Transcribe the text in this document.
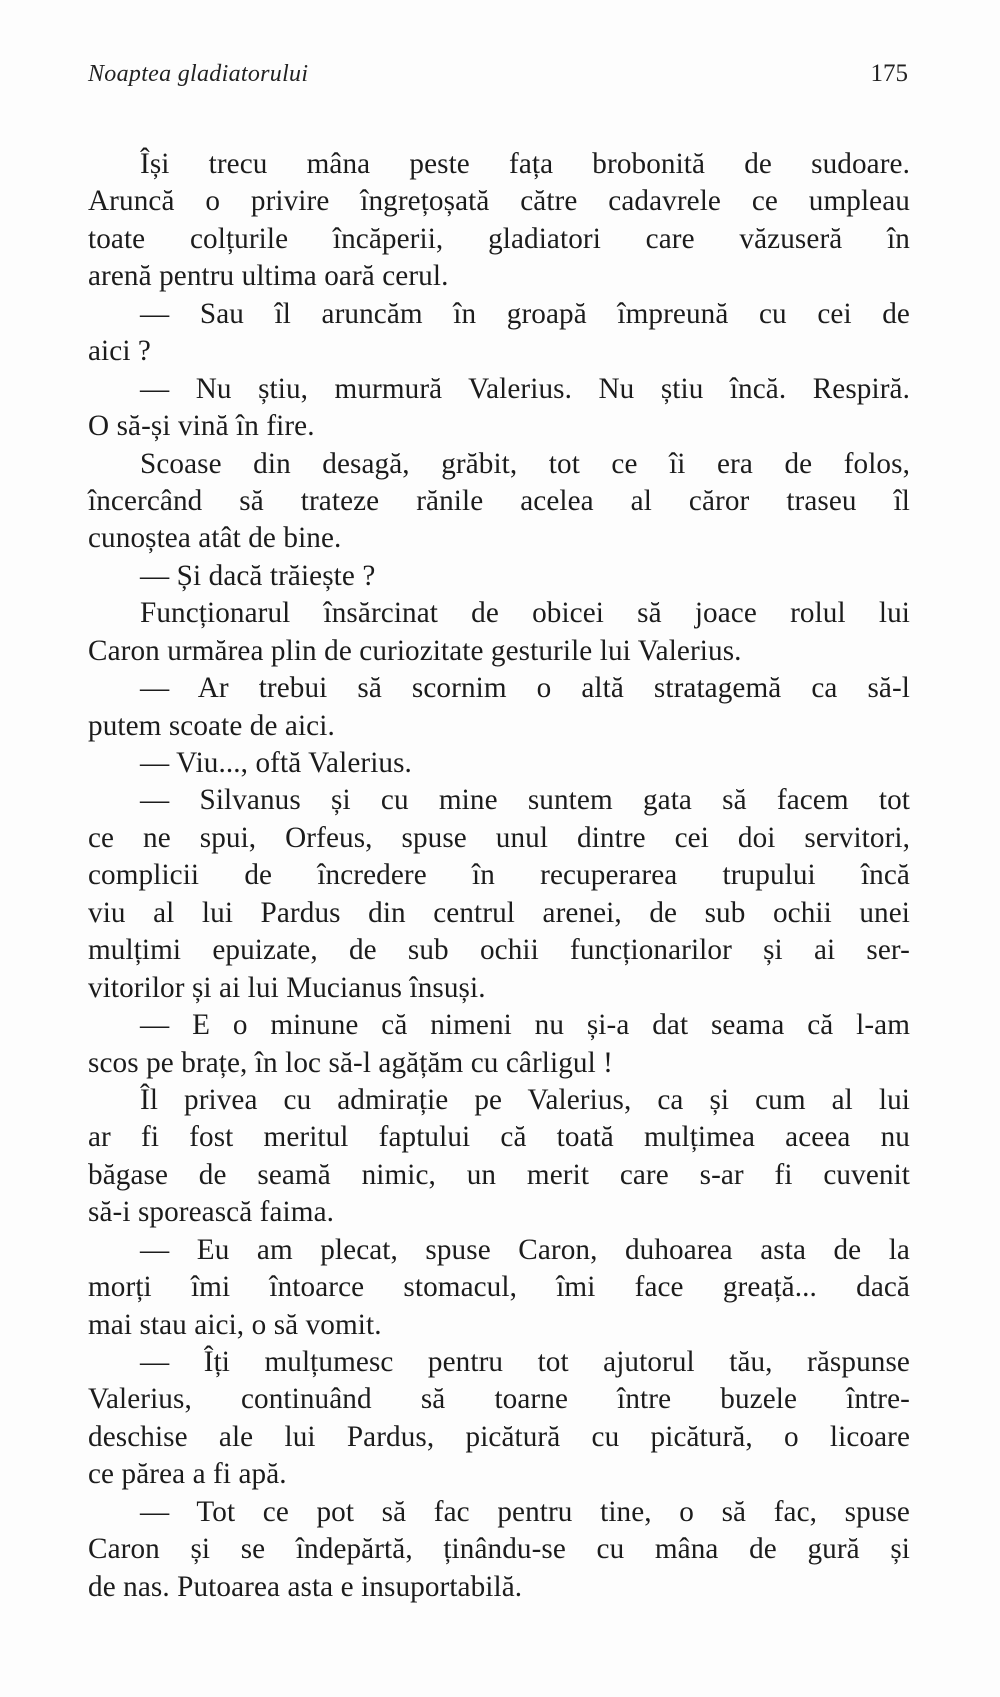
Noaptea gladiatorului	175
Își trecu mâna peste fața brobonită de sudoare.
Aruncă o privire îngrețoșată către cadavrele ce umpleau
toate colțurile încăperii, gladiatori care văzuseră în
arenă pentru ultima oară cerul.
— Sau îl aruncăm în groapă împreună cu cei de
aici ?
— Nu știu, murmură Valerius. Nu știu încă. Respiră.
O să-și vină în fire.
Scoase din desagă, grăbit, tot ce îi era de folos,
încercând să trateze rănile acelea al căror traseu îl
cunoștea atât de bine.
— Și dacă trăiește ?
Funcționarul însărcinat de obicei să joace rolul lui
Caron urmărea plin de curiozitate gesturile lui Valerius.
— Ar trebui să scornim o altă stratagemă ca să-l
putem scoate de aici.
— Viu..., oftă Valerius.
— Silvanus și cu mine suntem gata să facem tot
ce ne spui, Orfeus, spuse unul dintre cei doi servitori,
complicii de încredere în recuperarea trupului încă
viu al lui Pardus din centrul arenei, de sub ochii unei
mulțimi epuizate, de sub ochii funcționarilor și ai ser-
vitorilor și ai lui Mucianus însuși.
— E o minune că nimeni nu și-a dat seama că l-am
scos pe brațe, în loc să-l agățăm cu cârligul !
Îl privea cu admirație pe Valerius, ca și cum al lui
ar fi fost meritul faptului că toată mulțimea aceea nu
băgase de seamă nimic, un merit care s-ar fi cuvenit
să-i sporească faima.
— Eu am plecat, spuse Caron, duhoarea asta de la
morți îmi întoarce stomacul, îmi face greață... dacă
mai stau aici, o să vomit.
— Îți mulțumesc pentru tot ajutorul tău, răspunse
Valerius, continuând să toarne între buzele între-
deschise ale lui Pardus, picătură cu picătură, o licoare
ce părea a fi apă.
— Tot ce pot să fac pentru tine, o să fac, spuse
Caron și se îndepărtă, ținându-se cu mâna de gură și
de nas. Putoarea asta e insuportabilă.
